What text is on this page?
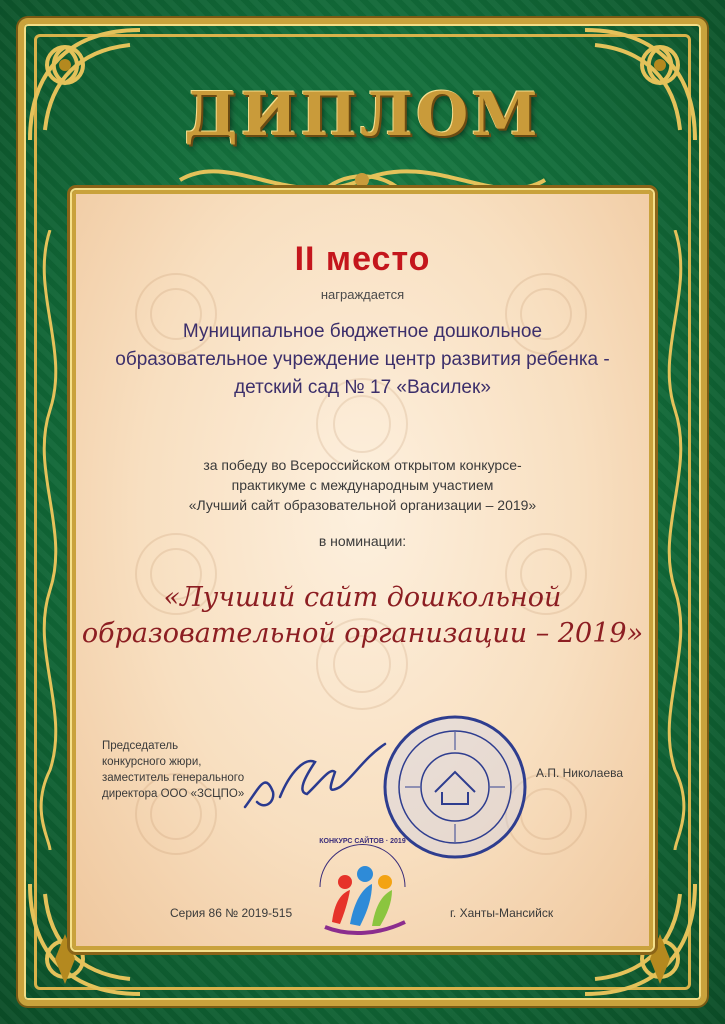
ДИПЛОМ
II место
награждается
Муниципальное бюджетное дошкольное
образовательное учреждение центр развития ребенка -
детский сад № 17 «Василек»
за победу во Всероссийском открытом конкурсе-
практикуме с международным участием
«Лучший сайт образовательной организации – 2019»
в номинации:
«Лучший сайт дошкольной
образовательной организации – 2019»
Председатель
конкурсного жюри,
заместитель генерального
директора ООО «ЗСЦПО»
А.П. Николаева
КОНКУРС САЙТОВ · 2019
Серия 86 № 2019-515	г. Ханты-Мансийск
